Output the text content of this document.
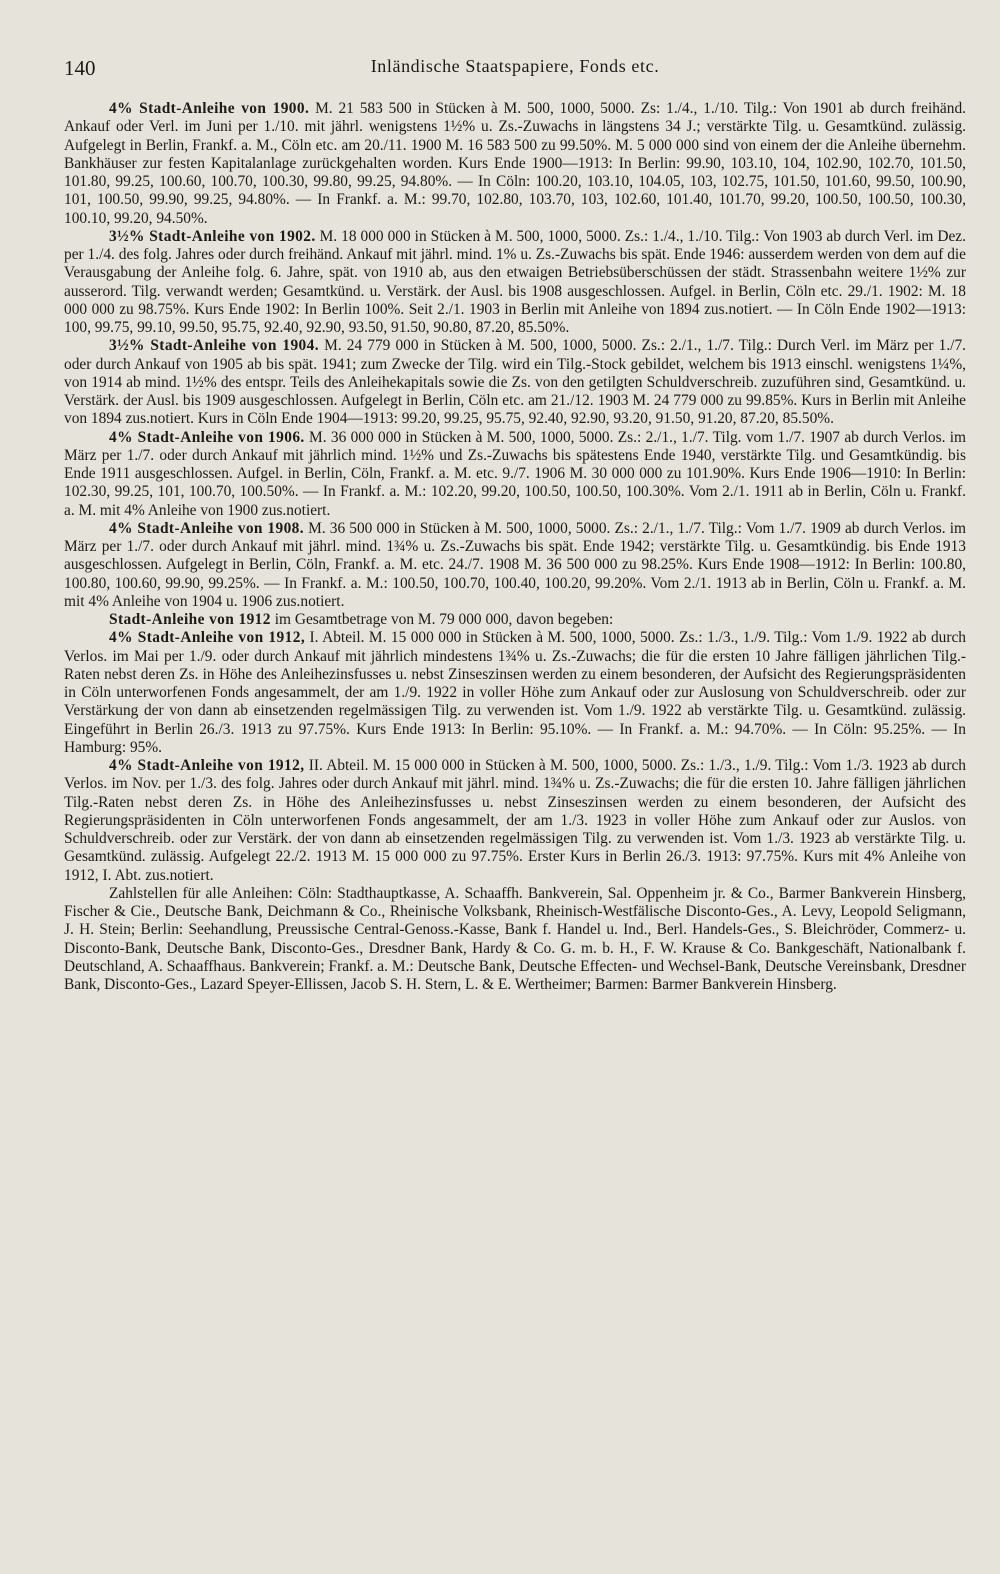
140	Inländische Staatspapiere, Fonds etc.

4% Stadt-Anleihe von 1900. M. 21 583 500 in Stücken à M. 500, 1000, 5000. Zs: 1./4., 1./10. Tilg.: Von 1901 ab durch freihänd. Ankauf oder Verl. im Juni per 1./10. mit jährl. wenigstens 1½% u. Zs.-Zuwachs in längstens 34 J.; verstärkte Tilg. u. Gesamtkünd. zulässig. Aufgelegt in Berlin, Frankf. a. M., Cöln etc. am 20./11. 1900 M. 16 583 500 zu 99.50%. M. 5 000 000 sind von einem der die Anleihe übernehm. Bankhäuser zur festen Kapitalanlage zurückgehalten worden. Kurs Ende 1900—1913: In Berlin: 99.90, 103.10, 104, 102.90, 102.70, 101.50, 101.80, 99.25, 100.60, 100.70, 100.30, 99.80, 99.25, 94.80%. — In Cöln: 100.20, 103.10, 104.05, 103, 102.75, 101.50, 101.60, 99.50, 100.90, 101, 100.50, 99.90, 99.25, 94.80%. — In Frankf. a. M.: 99.70, 102.80, 103.70, 103, 102.60, 101.40, 101.70, 99.20, 100.50, 100.50, 100.30, 100.10, 99.20, 94.50%.

3½% Stadt-Anleihe von 1902. M. 18 000 000 in Stücken à M. 500, 1000, 5000. Zs.: 1./4., 1./10. Tilg.: Von 1903 ab durch Verl. im Dez. per 1./4. des folg. Jahres oder durch freihänd. Ankauf mit jährl. mind. 1% u. Zs.-Zuwachs bis spät. Ende 1946: ausserdem werden von dem auf die Verausgabung der Anleihe folg. 6. Jahre, spät. von 1910 ab, aus den etwaigen Betriebsüberschüssen der städt. Strassenbahn weitere 1½% zur ausserord. Tilg. verwandt werden; Gesamtkünd. u. Verstärk. der Ausl. bis 1908 ausgeschlossen. Aufgel. in Berlin, Cöln etc. 29./1. 1902: M. 18 000 000 zu 98.75%. Kurs Ende 1902: In Berlin 100%. Seit 2./1. 1903 in Berlin mit Anleihe von 1894 zus.notiert. — In Cöln Ende 1902—1913: 100, 99.75, 99.10, 99.50, 95.75, 92.40, 92.90, 93.50, 91.50, 90.80, 87.20, 85.50%.

3½% Stadt-Anleihe von 1904. M. 24 779 000 in Stücken à M. 500, 1000, 5000. Zs.: 2./1., 1./7. Tilg.: Durch Verl. im März per 1./7. oder durch Ankauf von 1905 ab bis spät. 1941; zum Zwecke der Tilg. wird ein Tilg.-Stock gebildet, welchem bis 1913 einschl. wenigstens 1¼%, von 1914 ab mind. 1½% des entspr. Teils des Anleihekapitals sowie die Zs. von den getilgten Schuldverschreib. zuzuführen sind, Gesamtkünd. u. Verstärk. der Ausl. bis 1909 ausgeschlossen. Aufgelegt in Berlin, Cöln etc. am 21./12. 1903 M. 24 779 000 zu 99.85%. Kurs in Berlin mit Anleihe von 1894 zus.notiert. Kurs in Cöln Ende 1904—1913: 99.20, 99.25, 95.75, 92.40, 92.90, 93.20, 91.50, 91.20, 87.20, 85.50%.

4% Stadt-Anleihe von 1906. M. 36 000 000 in Stücken à M. 500, 1000, 5000. Zs.: 2./1., 1./7. Tilg. vom 1./7. 1907 ab durch Verlos. im März per 1./7. oder durch Ankauf mit jährlich mind. 1½% und Zs.-Zuwachs bis spätestens Ende 1940, verstärkte Tilg. und Gesamtkündig. bis Ende 1911 ausgeschlossen. Aufgel. in Berlin, Cöln, Frankf. a. M. etc. 9./7. 1906 M. 30 000 000 zu 101.90%. Kurs Ende 1906—1910: In Berlin: 102.30, 99.25, 101, 100.70, 100.50%. — In Frankf. a. M.: 102.20, 99.20, 100.50, 100.50, 100.30%. Vom 2./1. 1911 ab in Berlin, Cöln u. Frankf. a. M. mit 4% Anleihe von 1900 zus.notiert.

4% Stadt-Anleihe von 1908. M. 36 500 000 in Stücken à M. 500, 1000, 5000. Zs.: 2./1., 1./7. Tilg.: Vom 1./7. 1909 ab durch Verlos. im März per 1./7. oder durch Ankauf mit jährl. mind. 1¾% u. Zs.-Zuwachs bis spät. Ende 1942; verstärkte Tilg. u. Gesamtkündig. bis Ende 1913 ausgeschlossen. Aufgelegt in Berlin, Cöln, Frankf. a. M. etc. 24./7. 1908 M. 36 500 000 zu 98.25%. Kurs Ende 1908—1912: In Berlin: 100.80, 100.80, 100.60, 99.90, 99.25%. — In Frankf. a. M.: 100.50, 100.70, 100.40, 100.20, 99.20%. Vom 2./1. 1913 ab in Berlin, Cöln u. Frankf. a. M. mit 4% Anleihe von 1904 u. 1906 zus.notiert.

Stadt-Anleihe von 1912 im Gesamtbetrage von M. 79 000 000, davon begeben:

4% Stadt-Anleihe von 1912, I. Abteil. M. 15 000 000 in Stücken à M. 500, 1000, 5000. Zs.: 1./3., 1./9. Tilg.: Vom 1./9. 1922 ab durch Verlos. im Mai per 1./9. oder durch Ankauf mit jährlich mindestens 1¾% u. Zs.-Zuwachs; die für die ersten 10 Jahre fälligen jährlichen Tilg.-Raten nebst deren Zs. in Höhe des Anleihezinsfusses u. nebst Zinseszinsen werden zu einem besonderen, der Aufsicht des Regierungspräsidenten in Cöln unterworfenen Fonds angesammelt, der am 1./9. 1922 in voller Höhe zum Ankauf oder zur Auslosung von Schuldverschreib. oder zur Verstärkung der von dann ab einsetzenden regelmässigen Tilg. zu verwenden ist. Vom 1./9. 1922 ab verstärkte Tilg. u. Gesamtkünd. zulässig. Eingeführt in Berlin 26./3. 1913 zu 97.75%. Kurs Ende 1913: In Berlin: 95.10%. — In Frankf. a. M.: 94.70%. — In Cöln: 95.25%. — In Hamburg: 95%.

4% Stadt-Anleihe von 1912, II. Abteil. M. 15 000 000 in Stücken à M. 500, 1000, 5000. Zs.: 1./3., 1./9. Tilg.: Vom 1./3. 1923 ab durch Verlos. im Nov. per 1./3. des folg. Jahres oder durch Ankauf mit jährl. mind. 1¾% u. Zs.-Zuwachs; die für die ersten 10. Jahre fälligen jährlichen Tilg.-Raten nebst deren Zs. in Höhe des Anleihezinsfusses u. nebst Zinseszinsen werden zu einem besonderen, der Aufsicht des Regierungspräsidenten in Cöln unterworfenen Fonds angesammelt, der am 1./3. 1923 in voller Höhe zum Ankauf oder zur Auslos. von Schuldverschreib. oder zur Verstärk. der von dann ab einsetzenden regelmässigen Tilg. zu verwenden ist. Vom 1./3. 1923 ab verstärkte Tilg. u. Gesamtkünd. zulässig. Aufgelegt 22./2. 1913 M. 15 000 000 zu 97.75%. Erster Kurs in Berlin 26./3. 1913: 97.75%. Kurs mit 4% Anleihe von 1912, I. Abt. zus.notiert.

Zahlstellen für alle Anleihen: Cöln: Stadthauptkasse, A. Schaaffh. Bankverein, Sal. Oppenheim jr. & Co., Barmer Bankverein Hinsberg, Fischer & Cie., Deutsche Bank, Deichmann & Co., Rheinische Volksbank, Rheinisch-Westfälische Disconto-Ges., A. Levy, Leopold Seligmann, J. H. Stein; Berlin: Seehandlung, Preussische Central-Genoss.-Kasse, Bank f. Handel u. Ind., Berl. Handels-Ges., S. Bleichröder, Commerz- u. Disconto-Bank, Deutsche Bank, Disconto-Ges., Dresdner Bank, Hardy & Co. G. m. b. H., F. W. Krause & Co. Bankgeschäft, Nationalbank f. Deutschland, A. Schaaffhaus. Bankverein; Frankf. a. M.: Deutsche Bank, Deutsche Effecten- und Wechsel-Bank, Deutsche Vereinsbank, Dresdner Bank, Disconto-Ges., Lazard Speyer-Ellissen, Jacob S. H. Stern, L. & E. Wertheimer; Barmen: Barmer Bankverein Hinsberg.
